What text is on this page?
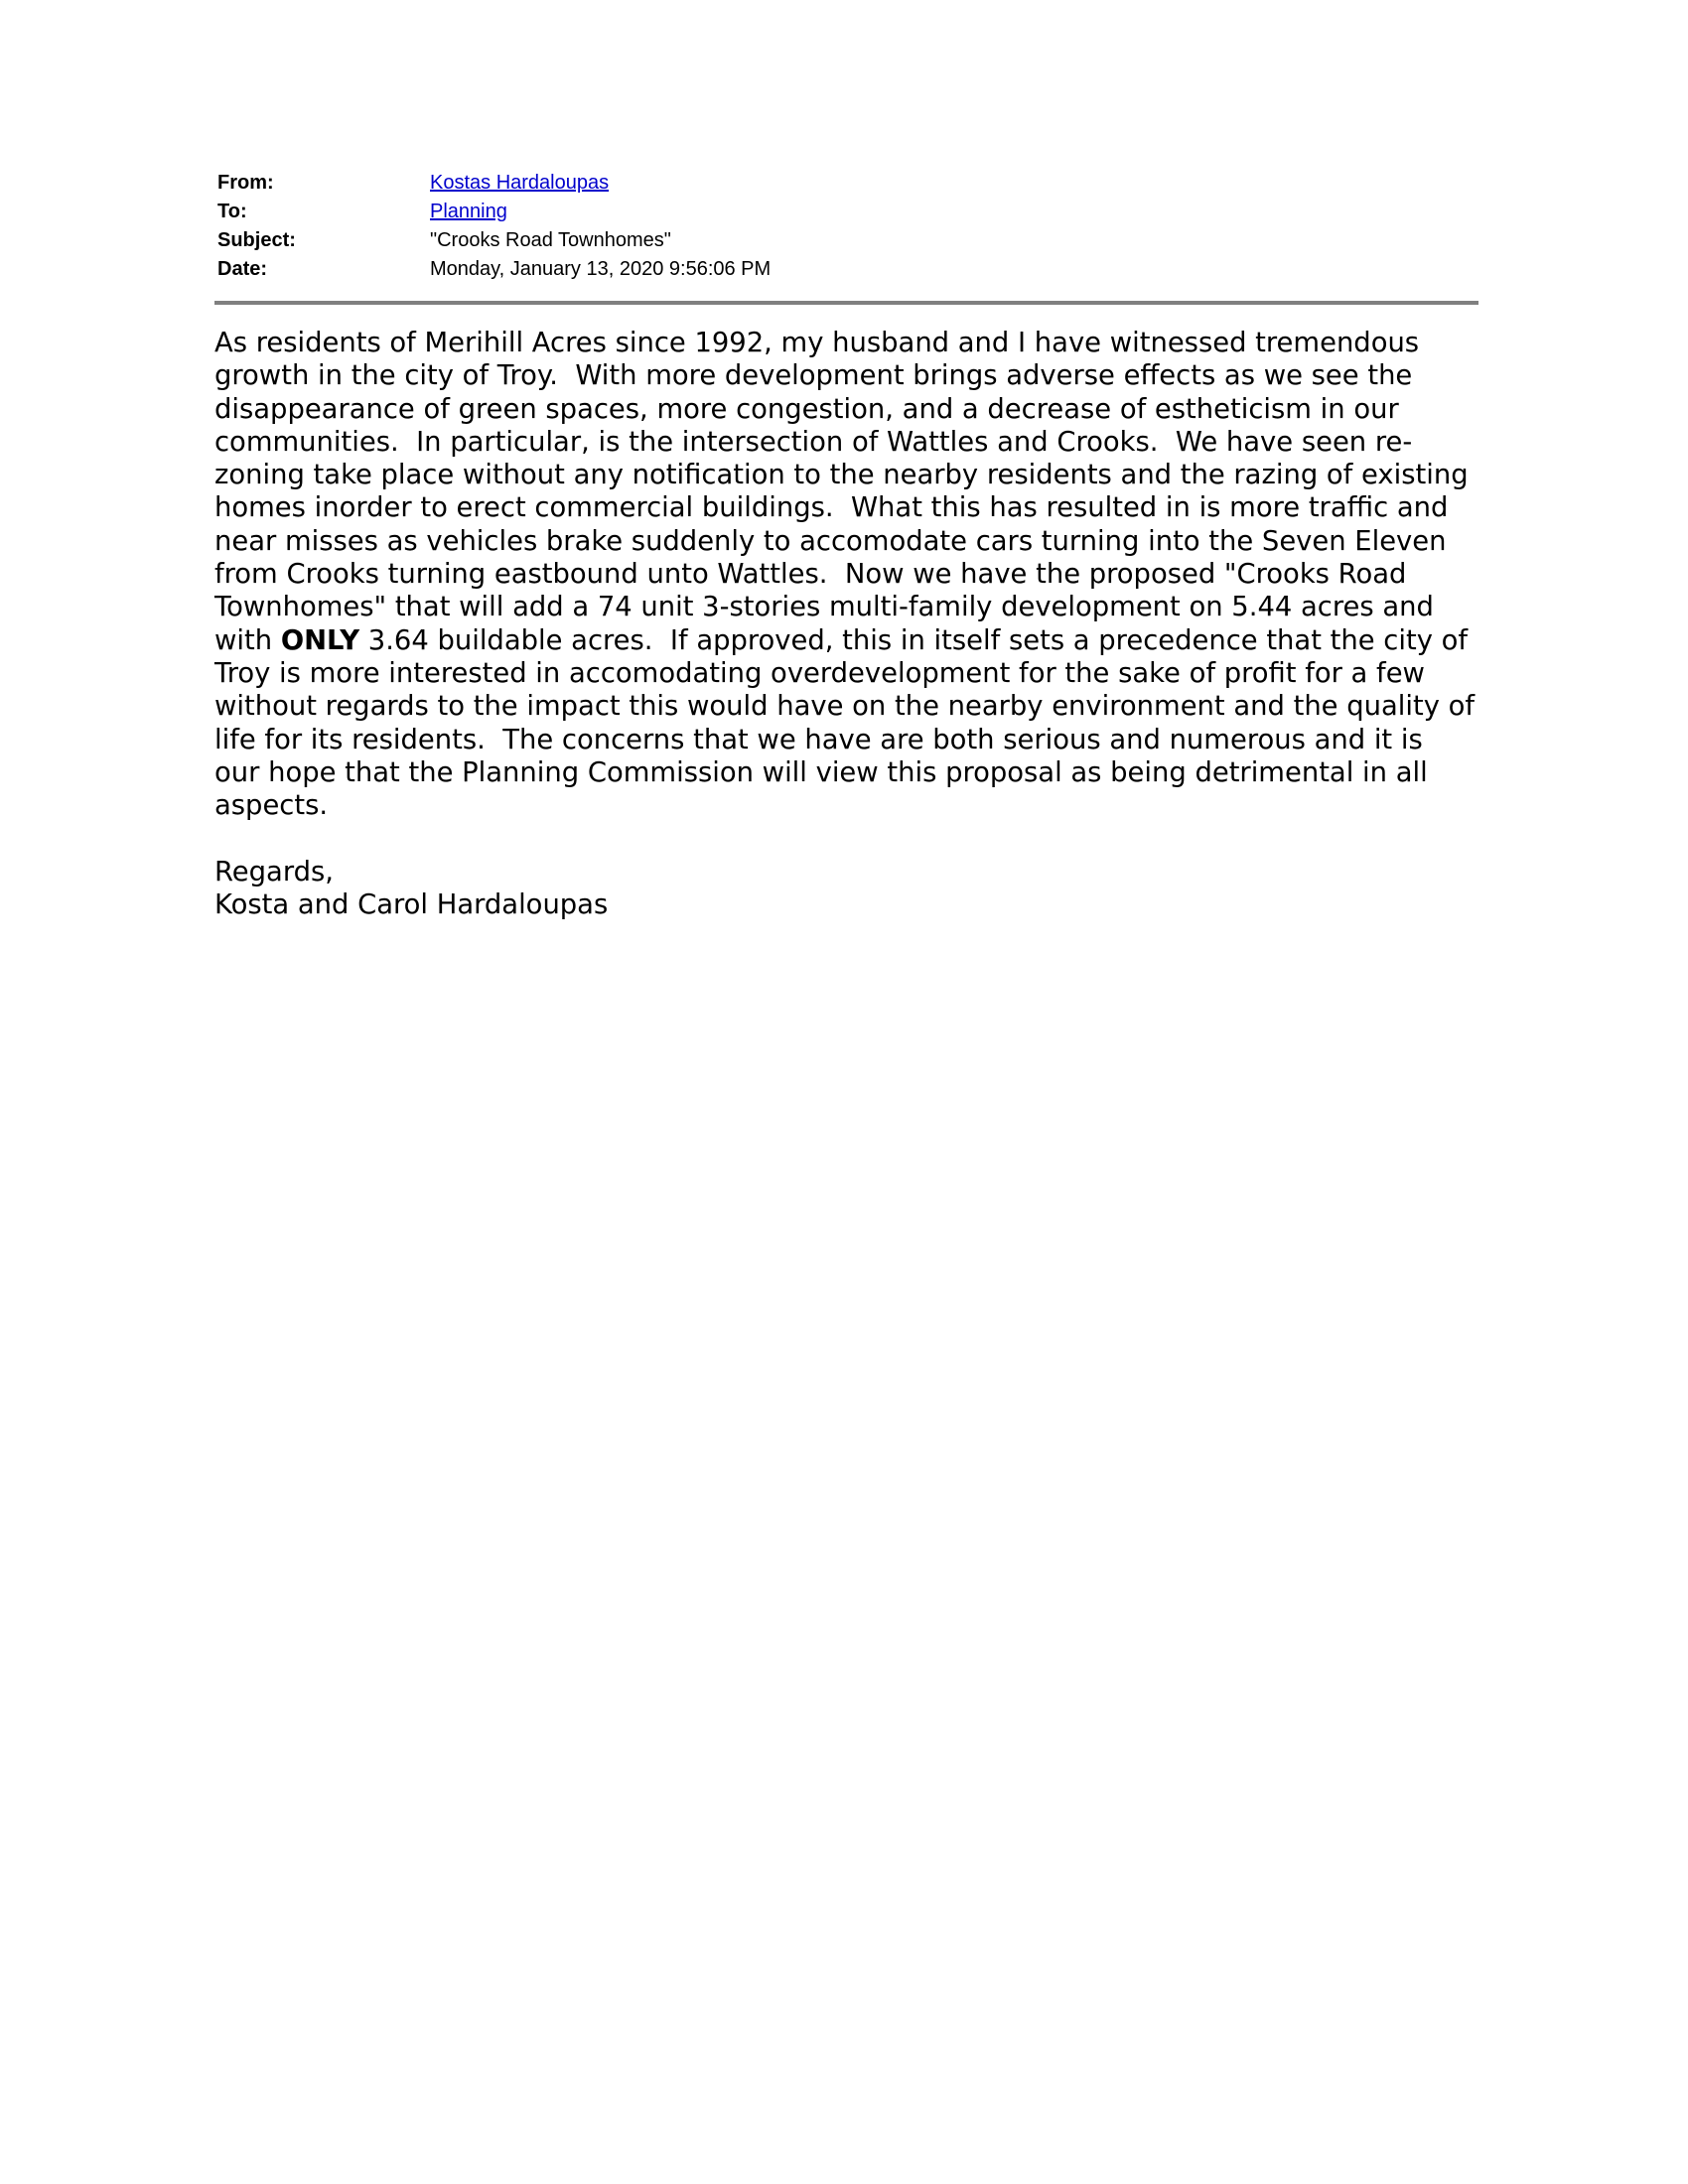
From:	Kostas Hardaloupas
To:	Planning
Subject:	"Crooks Road Townhomes"
Date:	Monday, January 13, 2020 9:56:06 PM
As residents of Merihill Acres since 1992, my husband and I have witnessed tremendous
growth in the city of Troy.  With more development brings adverse effects as we see the
disappearance of green spaces, more congestion, and a decrease of estheticism in our
communities.  In particular, is the intersection of Wattles and Crooks.  We have seen re-
zoning take place without any notification to the nearby residents and the razing of existing
homes inorder to erect commercial buildings.  What this has resulted in is more traffic and
near misses as vehicles brake suddenly to accomodate cars turning into the Seven Eleven
from Crooks turning eastbound unto Wattles.  Now we have the proposed "Crooks Road
Townhomes" that will add a 74 unit 3-stories multi-family development on 5.44 acres and
with ONLY 3.64 buildable acres.  If approved, this in itself sets a precedence that the city of
Troy is more interested in accomodating overdevelopment for the sake of profit for a few
without regards to the impact this would have on the nearby environment and the quality of
life for its residents.  The concerns that we have are both serious and numerous and it is
our hope that the Planning Commission will view this proposal as being detrimental in all
aspects.
Regards,
Kosta and Carol Hardaloupas
